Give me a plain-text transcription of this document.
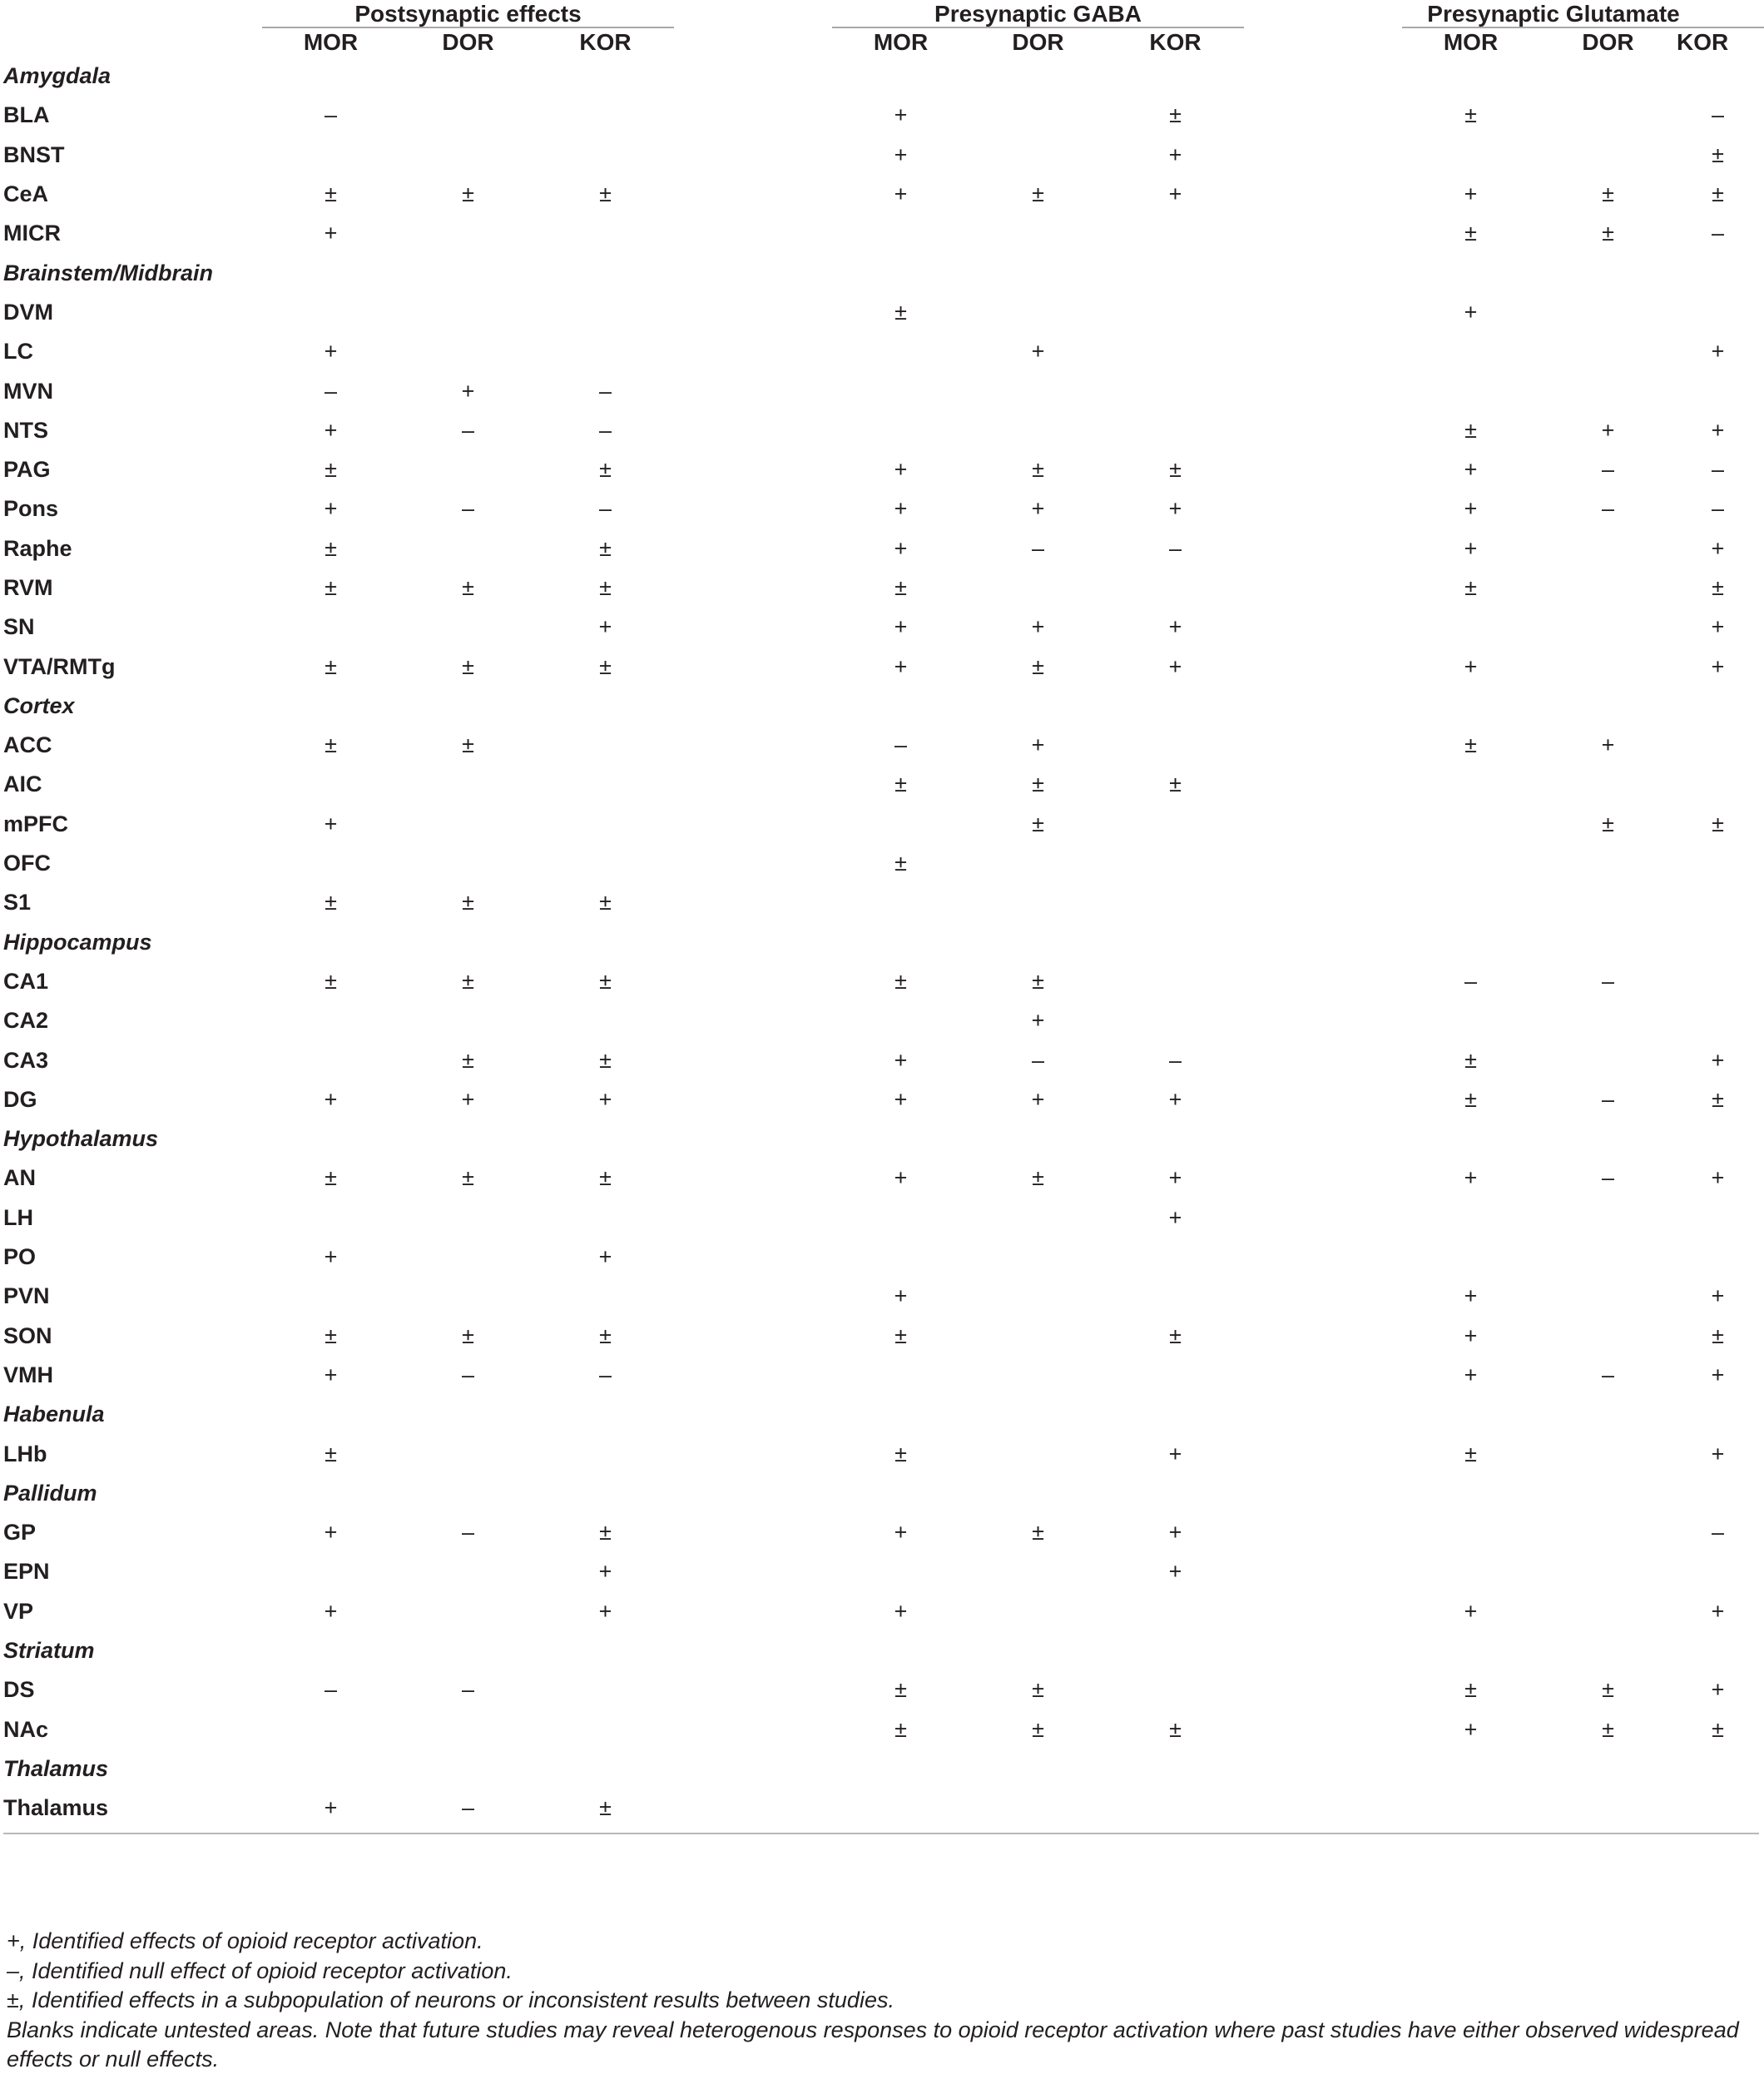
	Postsynaptic effects				Presynaptic GABA				Presynaptic Glutamate		

	MOR	DOR	KOR		MOR	DOR	KOR		MOR	DOR	KOR
Amygdala											
BLA	–				+		±		±		–
BNST					+		+				±
CeA	±	±	±		+	±	+		+	±	±
MICR	+								±	±	–
Brainstem/Midbrain											
DVM					±				+		
LC	+					+					+
MVN	–	+	–								
NTS	+	–	–						±	+	+
PAG	±		±		+	±	±		+	–	–
Pons	+	–	–		+	+	+		+	–	–
Raphe	±		±		+	–	–		+		+
RVM	±	±	±		±				±		±
SN			+		+	+	+				+
VTA/RMTg	±	±	±		+	±	+		+		+
Cortex											
ACC	±	±			–	+			±	+	
AIC					±	±	±				
mPFC	+					±				±	±
OFC					±						
S1	±	±	±								
Hippocampus											
CA1	±	±	±		±	±			–	–	
CA2						+					
CA3		±	±		+	–	–		±		+
DG	+	+	+		+	+	+		±	–	±
Hypothalamus											
AN	±	±	±		+	±	+		+	–	+
LH							+				
PO	+		+								
PVN					+				+		+
SON	±	±	±		±		±		+		±
VMH	+	–	–						+	–	+
Habenula											
LHb	±				±		+		±		+
Pallidum											
GP	+	–	±		+	±	+				–
EPN			+				+				
VP	+		+		+				+		+
Striatum											
DS	–	–			±	±			±	±	+
NAc					±	±	±		+	±	±
Thalamus											
Thalamus	+	–	±								
+, Identified effects of opioid receptor activation.
–, Identified null effect of opioid receptor activation.
±, Identified effects in a subpopulation of neurons or inconsistent results between studies.
Blanks indicate untested areas. Note that future studies may reveal heterogenous responses to opioid receptor activation where past studies have either observed widespread effects or null effects.
